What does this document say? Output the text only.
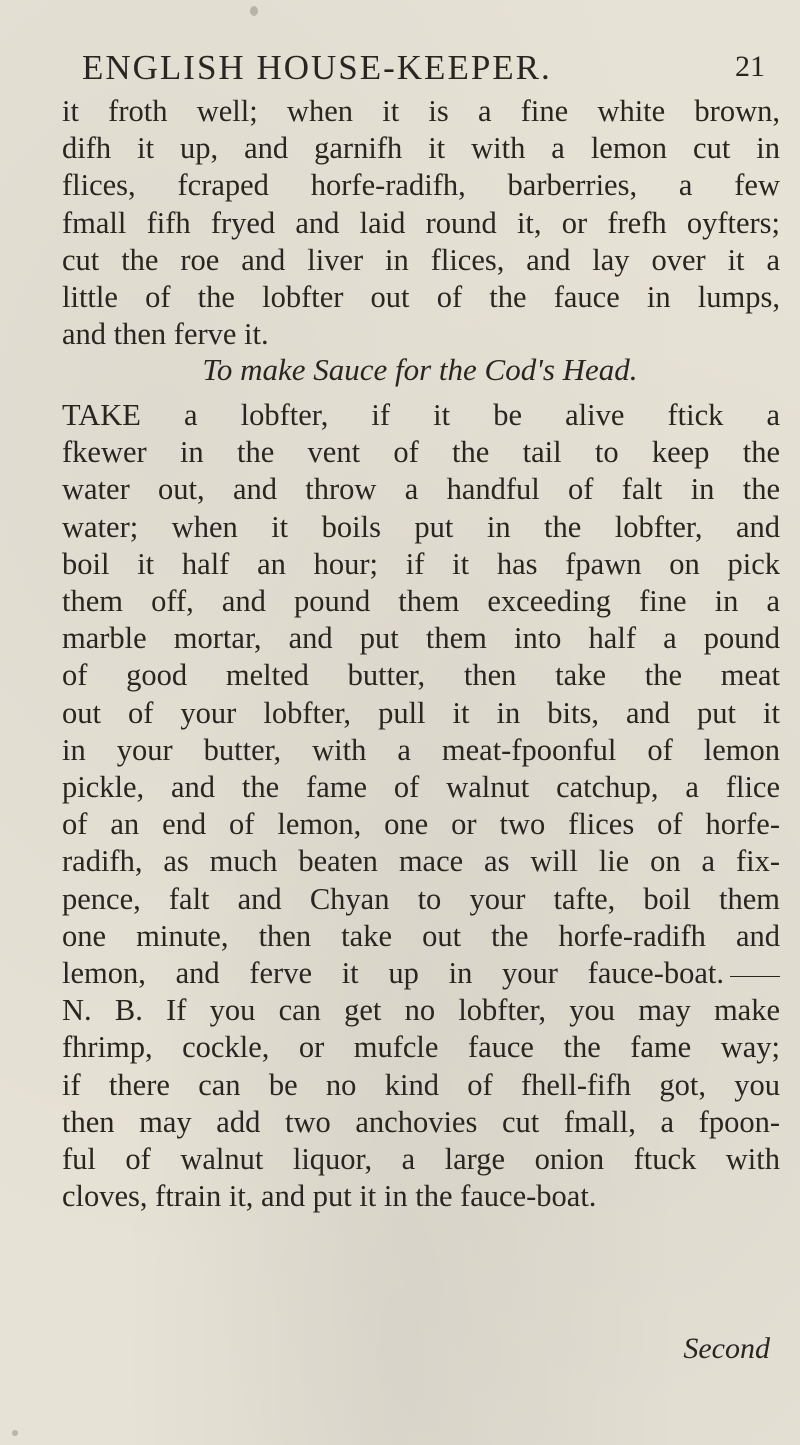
ENGLISH HOUSE-KEEPER.	21
it froth well; when it is a fine white brown,
difh it up, and garnifh it with a lemon cut in
flices, fcraped horfe-radifh, barberries, a few
fmall fifh fryed and laid round it, or frefh oyfters;
cut the roe and liver in flices, and lay over it a
little of the lobfter out of the fauce in lumps,
and then ferve it.
To make Sauce for the Cod's Head.
TAKE a lobfter, if it be alive ftick a
fkewer in the vent of the tail to keep the
water out, and throw a handful of falt in the
water; when it boils put in the lobfter, and
boil it half an hour; if it has fpawn on pick
them off, and pound them exceeding fine in a
marble mortar, and put them into half a pound
of good melted butter, then take the meat
out of your lobfter, pull it in bits, and put it
in your butter, with a meat-fpoonful of lemon
pickle, and the fame of walnut catchup, a flice
of an end of lemon, one or two flices of horfe-
radifh, as much beaten mace as will lie on a fix-
pence, falt and Chyan to your tafte, boil them
one minute, then take out the horfe-radifh and
lemon, and ferve it up in your fauce-boat.
N. B. If you can get no lobfter, you may make
fhrimp, cockle, or mufcle fauce the fame way;
if there can be no kind of fhell-fifh got, you
then may add two anchovies cut fmall, a fpoon-
ful of walnut liquor, a large onion ftuck with
cloves, ftrain it, and put it in the fauce-boat.
Second
